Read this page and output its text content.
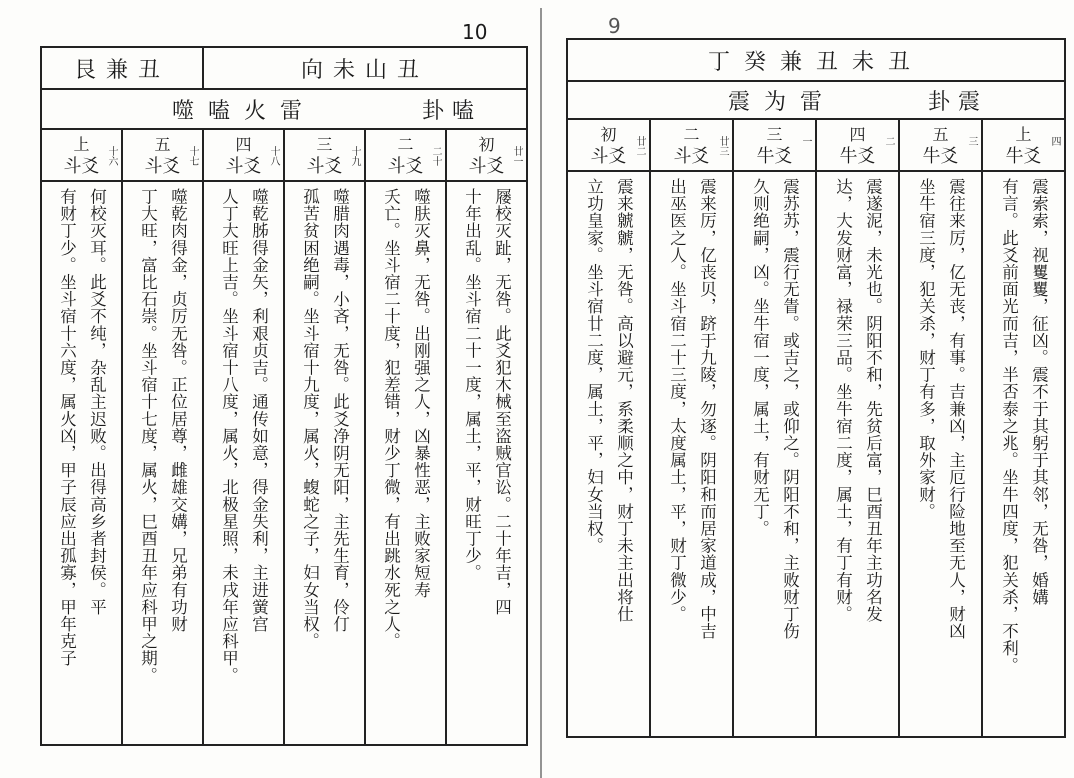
10	9
艮兼丑	向未山丑
噬嗑火雷	卦嗑
上
斗爻 十六
何校灭耳。此爻不纯，杂乱主迟败。出得高乡者封侯。平
有财丁少。坐斗宿十六度，属火凶，甲子辰应出孤寡，甲年克子
五
斗爻 十七
噬乾肉得金，贞厉无咎。正位居尊，雌雄交媾，兄弟有功财
丁大旺，富比石崇。坐斗宿十七度，属火，巳酉丑年应科甲之期。
四
斗爻 十八
噬乾胏得金矢，利艰贞吉。通传如意，得金失利，主进黉宫
人丁大旺上吉。坐斗宿十八度，属火，北极星照，未戌年应科甲。
三
斗爻 十九
噬腊肉遇毒，小吝，无咎。此爻净阴无阳，主先生育，伶仃
孤苦贫困绝嗣。坐斗宿十九度，属火，蝮蛇之子，妇女当权。
二
斗爻 二十
噬肤灭鼻，无咎。出刚强之人，凶暴性恶，主败家短寿
夭亡。坐斗宿二十度，犯差错，财少丁微，有出跳水死之人。
初
斗爻 廿一
屦校灭趾，无咎。此爻犯木械至盗贼官讼。二十年吉，四
十年出乱。坐斗宿二十一度，属土，平，财旺丁少。
丁癸兼丑未丑
震为雷	卦震
初
斗爻 廿二
震来虩虩，无咎。高以避元，系柔顺之中，财丁未主出将仕
立功皇家。坐斗宿廿二度，属土，平，妇女当权。
二
斗爻 廿三
震来厉，亿丧贝，跻于九陵，勿逐。阴阳和而居家道成，中吉
出巫医之人。坐斗宿二十三度，太度属土，平，财丁微少。
三
牛爻
一
震苏苏，震行无眚。或吉之，或仰之。阴阳不和，主败财丁伤
久则绝嗣，凶。坐牛宿一度，属土，有财无丁。
四
牛爻
二
震遂泥，未光也。阴阳不和，先贫后富，巳酉丑年主功名发
达，大发财富，禄荣三品。坐牛宿二度，属土，有丁有财。
五
牛爻
三
震往来厉，亿无丧，有事。吉兼凶，主厄行险地至无人，财凶
坐牛宿三度，犯关杀，财丁有多，取外家财。
上
牛爻
四
震索索，视矍矍，征凶。震不于其躬于其邻，无咎，婚媾
有言。此爻前面光而吉，半否泰之兆。坐牛四度，犯关杀，不利。
